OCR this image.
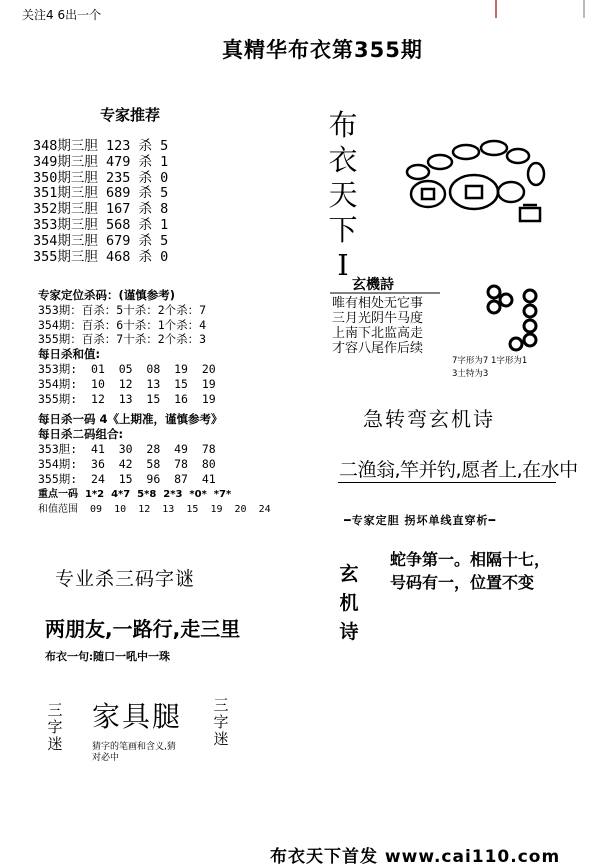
关注4 6出一个
真精华布衣第355期
专家推荐
348期三胆 123 杀 5
349期三胆 479 杀 1
350期三胆 235 杀 0
351期三胆 689 杀 5
352期三胆 167 杀 8
353期三胆 568 杀 1
354期三胆 679 杀 5
355期三胆 468 杀 0
布
衣
天
下
I
玄機詩
唯有相处无它事
三月光阴牛马度
上南下北监高走
才容八尾作后续
7字形为7 1字形为1
3土特为3
专家定位杀码：(谨慎参考)
353期：百杀：5十杀：2个杀：7
354期：百杀：6十杀：1个杀：4
355期：百杀：7十杀：2个杀：3
每日杀和值:
353期:  01  05  08  19  20
354期:  10  12  13  15  19
355期:  12  13  15  16  19
每日杀一码 4《上期准，谨慎参考》
每日杀二码组合:
353胆:  41  30  28  49  78
354期:  36  42  58  78  80
355期:  24  15  96  87  41
重点一码  1*2  4*7  5*8  2*3  *0*  *7*
和值范围  09  10  12  13  15  19  20  24
急转弯玄机诗
二渔翁,竿并钓,愿者上,在水中
━专家定胆 拐坏单线直穿析━
专业杀三码字谜
两朋友,一路行,走三里
布衣一句:随口一吼中一珠
玄
机
诗
蛇争第一。相隔十七，
号码有一，位置不变
三
字
迷
三
字
迷
家具腿
猜字的笔画和含义,猜
对必中
布衣天下首发 www.cai110.com
